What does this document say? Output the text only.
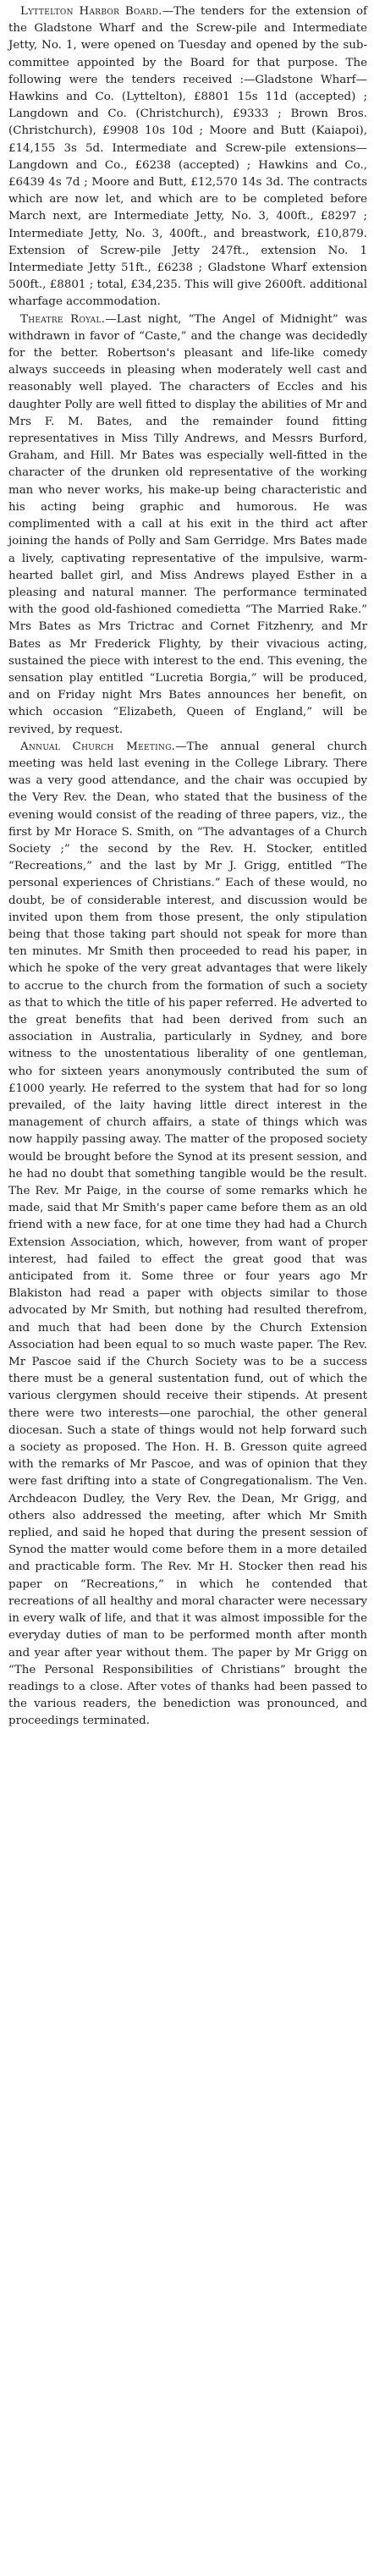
Lyttelton Harbor Board.—The tenders for the extension of the Gladstone Wharf and the Screw-pile and Intermediate Jetty, No. 1, were opened on Tuesday and opened by the sub-committee appointed by the Board for that purpose. The following were the tenders received :—Gladstone Wharf—Hawkins and Co. (Lyttelton), £8801 15s 11d (accepted) ; Langdown and Co. (Christchurch), £9333 ; Brown Bros. (Christchurch), £9908 10s 10d ; Moore and Butt (Kaiapoi), £14,155 3s 5d. Intermediate and Screw-pile extensions—Langdown and Co., £6238 (accepted) ; Hawkins and Co., £6439 4s 7d ; Moore and Butt, £12,570 14s 3d. The contracts which are now let, and which are to be completed before March next, are Intermediate Jetty, No. 3, 400ft., £8297 ; Intermediate Jetty, No. 3, 400ft., and breastwork, £10,879. Extension of Screw-pile Jetty 247ft., extension No. 1 Intermediate Jetty 51ft., £6238 ; Gladstone Wharf extension 500ft., £8801 ; total, £34,235. This will give 2600ft. additional wharfage accommodation.

Theatre Royal.—Last night, “The Angel of Midnight” was withdrawn in favor of “Caste,” and the change was decidedly for the better. Robertson's pleasant and life-like comedy always succeeds in pleasing when moderately well cast and reasonably well played. The characters of Eccles and his daughter Polly are well fitted to display the abilities of Mr and Mrs F. M. Bates, and the remainder found fitting representatives in Miss Tilly Andrews, and Messrs Burford, Graham, and Hill. Mr Bates was especially well-fitted in the character of the drunken old representative of the working man who never works, his make-up being characteristic and his acting being graphic and humorous. He was complimented with a call at his exit in the third act after joining the hands of Polly and Sam Gerridge. Mrs Bates made a lively, captivating representative of the impulsive, warm-hearted ballet girl, and Miss Andrews played Esther in a pleasing and natural manner. The performance terminated with the good old-fashioned comedietta “The Married Rake.” Mrs Bates as Mrs Trictrac and Cornet Fitzhenry, and Mr Bates as Mr Frederick Flighty, by their vivacious acting, sustained the piece with interest to the end. This evening, the sensation play entitled “Lucretia Borgia,” will be produced, and on Friday night Mrs Bates announces her benefit, on which occasion “Elizabeth, Queen of England,” will be revived, by request.

Annual Church Meeting.—The annual general church meeting was held last evening in the College Library. There was a very good attendance, and the chair was occupied by the Very Rev. the Dean, who stated that the business of the evening would consist of the reading of three papers, viz., the first by Mr Horace S. Smith, on “The advantages of a Church Society ;” the second by the Rev. H. Stocker, entitled “Recreations,” and the last by Mr J. Grigg, entitled “The personal experiences of Christians.” Each of these would, no doubt, be of considerable interest, and discussion would be invited upon them from those present, the only stipulation being that those taking part should not speak for more than ten minutes. Mr Smith then proceeded to read his paper, in which he spoke of the very great advantages that were likely to accrue to the church from the formation of such a society as that to which the title of his paper referred. He adverted to the great benefits that had been derived from such an association in Australia, particularly in Sydney, and bore witness to the unostentatious liberality of one gentleman, who for sixteen years anonymously contributed the sum of £1000 yearly. He referred to the system that had for so long prevailed, of the laity having little direct interest in the management of church affairs, a state of things which was now happily passing away. The matter of the proposed society would be brought before the Synod at its present session, and he had no doubt that something tangible would be the result. The Rev. Mr Paige, in the course of some remarks which he made, said that Mr Smith's paper came before them as an old friend with a new face, for at one time they had had a Church Extension Association, which, however, from want of proper interest, had failed to effect the great good that was anticipated from it. Some three or four years ago Mr Blakiston had read a paper with objects similar to those advocated by Mr Smith, but nothing had resulted therefrom, and much that had been done by the Church Extension Association had been equal to so much waste paper. The Rev. Mr Pascoe said if the Church Society was to be a success there must be a general sustentation fund, out of which the various clergymen should receive their stipends. At present there were two interests—one parochial, the other general diocesan. Such a state of things would not help forward such a society as proposed. The Hon. H. B. Gresson quite agreed with the remarks of Mr Pascoe, and was of opinion that they were fast drifting into a state of Congregationalism. The Ven. Archdeacon Dudley, the Very Rev. the Dean, Mr Grigg, and others also addressed the meeting, after which Mr Smith replied, and said he hoped that during the present session of Synod the matter would come before them in a more detailed and practicable form. The Rev. Mr H. Stocker then read his paper on “Recreations,” in which he contended that recreations of all healthy and moral character were necessary in every walk of life, and that it was almost impossible for the everyday duties of man to be performed month after month and year after year without them. The paper by Mr Grigg on “The Personal Responsibilities of Christians” brought the readings to a close. After votes of thanks had been passed to the various readers, the benediction was pronounced, and proceedings terminated.
